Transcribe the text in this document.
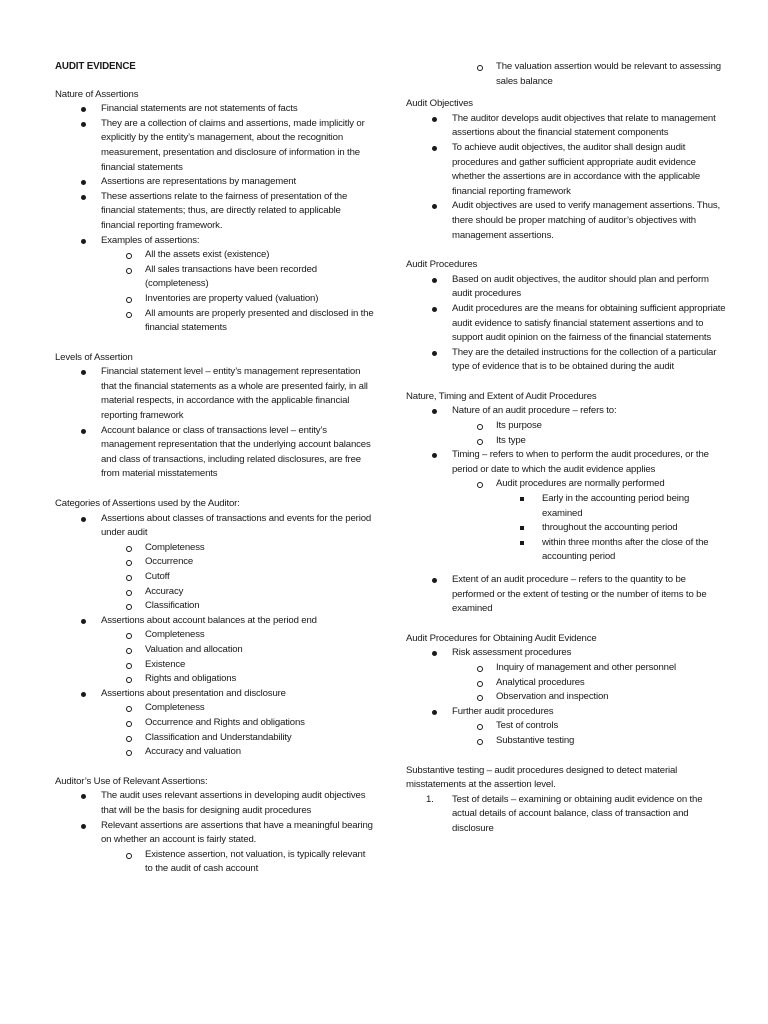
AUDIT EVIDENCE
Nature of Assertions
Financial statements are not statements of facts
They are a collection of claims and assertions, made implicitly or explicitly by the entity’s management, about the recognition measurement, presentation and disclosure of information in the financial statements
Assertions are representations by management
These assertions relate to the fairness of presentation of the financial statements; thus, are directly related to applicable financial reporting framework.
Examples of assertions:
All the assets exist (existence)
All sales transactions have been recorded (completeness)
Inventories are property valued (valuation)
All amounts are properly presented and disclosed in the financial statements
Levels of Assertion
Financial statement level – entity’s management representation that the financial statements as a whole are presented fairly, in all material respects, in accordance with the applicable financial reporting framework
Account balance or class of transactions level – entity’s management representation that the underlying account balances and class of transactions, including related disclosures, are free from material misstatements
Categories of Assertions used by the Auditor:
Assertions about classes of transactions and events for the period under audit
Completeness
Occurrence
Cutoff
Accuracy
Classification
Assertions about account balances at the period end
Completeness
Valuation and allocation
Existence
Rights and obligations
Assertions about presentation and disclosure
Completeness
Occurrence and Rights and obligations
Classification and Understandability
Accuracy and valuation
Auditor’s Use of Relevant Assertions:
The audit uses relevant assertions in developing audit objectives that will be the basis for designing audit procedures
Relevant assertions are assertions that have a meaningful bearing on whether an account is fairly stated.
Existence assertion, not valuation, is typically relevant to the audit of cash account
The valuation assertion would be relevant to assessing sales balance
Audit Objectives
The auditor develops audit objectives that relate to management assertions about the financial statement components
To achieve audit objectives, the auditor shall design audit procedures and gather sufficient appropriate audit evidence whether the assertions are in accordance with the applicable financial reporting framework
Audit objectives are used to verify management assertions. Thus, there should be proper matching of auditor’s objectives with management assertions.
Audit Procedures
Based on audit objectives, the auditor should plan and perform audit procedures
Audit procedures are the means for obtaining sufficient appropriate audit evidence to satisfy financial statement assertions and to support audit opinion on the fairness of the financial statements
They are the detailed instructions for the collection of a particular type of evidence that is to be obtained during the audit
Nature, Timing and Extent of Audit Procedures
Nature of an audit procedure – refers to:
Its purpose
Its type
Timing – refers to when to perform the audit procedures, or the period or date to which the audit evidence applies
Audit procedures are normally performed
Early in the accounting period being examined
throughout the accounting period
within three months after the close of the accounting period
Extent of an audit procedure – refers to the quantity to be performed or the extent of testing or the number of items to be examined
Audit Procedures for Obtaining Audit Evidence
Risk assessment procedures
Inquiry of management and other personnel
Analytical procedures
Observation and inspection
Further audit procedures
Test of controls
Substantive testing
Substantive testing – audit procedures designed to detect material misstatements at the assertion level.
1. Test of details – examining or obtaining audit evidence on the actual details of account balance, class of transaction and disclosure
